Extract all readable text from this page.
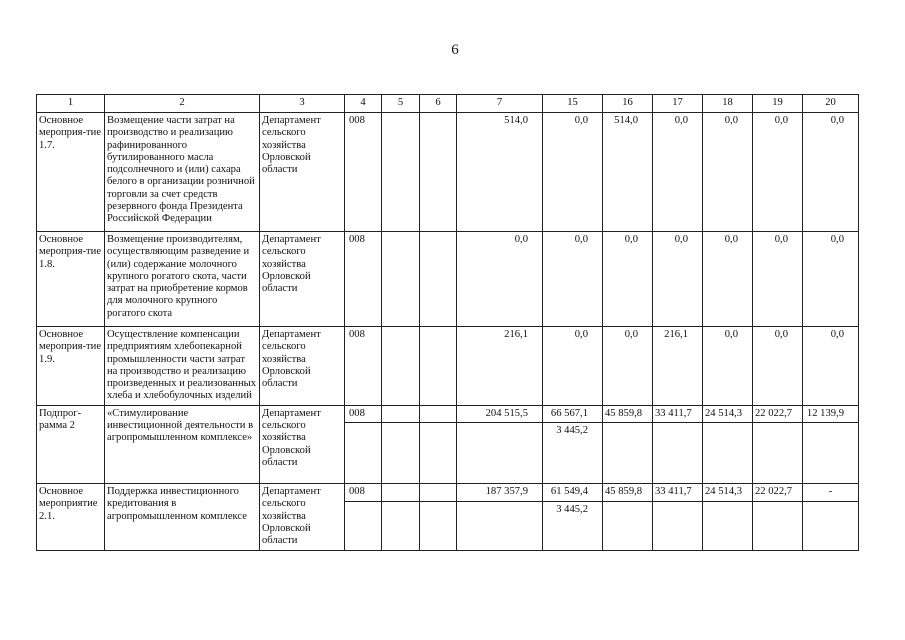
6
1	2	3	4	5	6	7	15	16	17	18	19	20
Основное мероприя-тие 1.7.	Возмещение части затрат на производство и реализацию рафинированного бутилированного масла подсолнечного и (или) сахара белого в организации розничной торговли за счет средств резервного фонда Президента Российской Федерации	Департамент сельского хозяйства Орловской области	008			514,0	0,0	514,0	0,0	0,0	0,0	0,0
Основное мероприя-тие 1.8.	Возмещение производителям, осуществляющим разведение и (или) содержание молочного крупного рогатого скота, части затрат на приобретение кормов для молочного крупного рогатого скота	Департамент сельского хозяйства Орловской области	008			0,0	0,0	0,0	0,0	0,0	0,0	0,0
Основное мероприя-тие 1.9.	Осуществление компенсации предприятиям хлебопекарной промышленности части затрат на производство и реализацию произведенных и реализованных хлеба и хлебобулочных изделий	Департамент сельского хозяйства Орловской области	008			216,1	0,0	0,0	216,1	0,0	0,0	0,0
Подпрог-рамма 2	«Стимулирование инвестиционной деятельности в агропромышленном комплексе»	Департамент сельского хозяйства Орловской области	008			204 515,5	66 567,1	45 859,8	33 411,7	24 514,3	22 022,7	12 139,9
							3 445,2					
Основное мероприятие 2.1.	Поддержка инвестиционного кредитования в агропромышленном комплексе	Департамент сельского хозяйства Орловской области	008			187 357,9	61 549,4	45 859,8	33 411,7	24 514,3	22 022,7	-
							3 445,2					
